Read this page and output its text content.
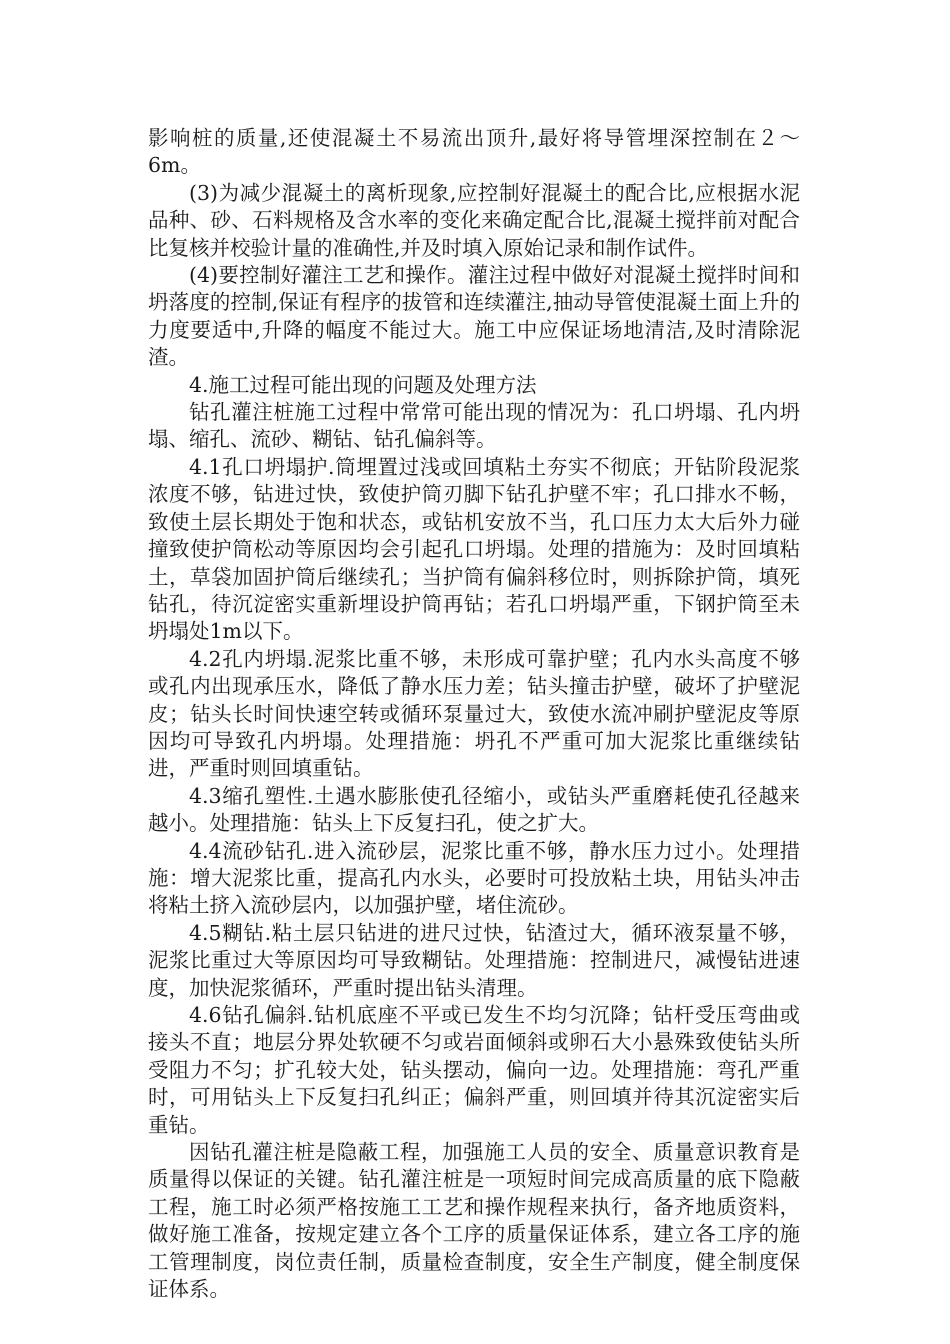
影响桩的质量,还使混凝土不易流出顶升,最好将导管埋深控制在２～6m。

(3)为减少混凝土的离析现象,应控制好混凝土的配合比,应根据水泥品种、砂、石料规格及含水率的变化来确定配合比,混凝土搅拌前对配合比复核并校验计量的准确性,并及时填入原始记录和制作试件。

(4)要控制好灌注工艺和操作。灌注过程中做好对混凝土搅拌时间和坍落度的控制,保证有程序的拔管和连续灌注,抽动导管使混凝土面上升的力度要适中,升降的幅度不能过大。施工中应保证场地清洁,及时清除泥渣。

4.施工过程可能出现的问题及处理方法

钻孔灌注桩施工过程中常常可能出现的情况为：孔口坍塌、孔内坍塌、缩孔、流砂、糊钻、钻孔偏斜等。

4.1孔口坍塌护.筒埋置过浅或回填粘土夯实不彻底；开钻阶段泥浆浓度不够，钻进过快，致使护筒刃脚下钻孔护壁不牢；孔口排水不畅，致使土层长期处于饱和状态，或钻机安放不当，孔口压力太大后外力碰撞致使护筒松动等原因均会引起孔口坍塌。处理的措施为：及时回填粘土，草袋加固护筒后继续孔；当护筒有偏斜移位时，则拆除护筒，填死钻孔，待沉淀密实重新埋设护筒再钻；若孔口坍塌严重，下钢护筒至未坍塌处1m以下。

4.2孔内坍塌.泥浆比重不够，未形成可靠护壁；孔内水头高度不够或孔内出现承压水，降低了静水压力差；钻头撞击护壁，破坏了护壁泥皮；钻头长时间快速空转或循环泵量过大，致使水流冲刷护壁泥皮等原因均可导致孔内坍塌。处理措施：坍孔不严重可加大泥浆比重继续钻进，严重时则回填重钻。

4.3缩孔塑性.土遇水膨胀使孔径缩小，或钻头严重磨耗使孔径越来越小。处理措施：钻头上下反复扫孔，使之扩大。

4.4流砂钻孔.进入流砂层，泥浆比重不够，静水压力过小。处理措施：增大泥浆比重，提高孔内水头，必要时可投放粘土块，用钻头冲击将粘土挤入流砂层内，以加强护壁，堵住流砂。

4.5糊钻.粘土层只钻进的进尺过快，钻渣过大，循环液泵量不够，泥浆比重过大等原因均可导致糊钻。处理措施：控制进尺，减慢钻进速度，加快泥浆循环，严重时提出钻头清理。

4.6钻孔偏斜.钻机底座不平或已发生不均匀沉降；钻杆受压弯曲或接头不直；地层分界处软硬不匀或岩面倾斜或卵石大小悬殊致使钻头所受阻力不匀；扩孔较大处，钻头摆动，偏向一边。处理措施：弯孔严重时，可用钻头上下反复扫孔纠正；偏斜严重，则回填并待其沉淀密实后重钻。

因钻孔灌注桩是隐蔽工程，加强施工人员的安全、质量意识教育是质量得以保证的关键。钻孔灌注桩是一项短时间完成高质量的底下隐蔽工程，施工时必须严格按施工工艺和操作规程来执行，备齐地质资料，做好施工准备，按规定建立各个工序的质量保证体系，建立各工序的施工管理制度，岗位责任制，质量检查制度，安全生产制度，健全制度保证体系。
